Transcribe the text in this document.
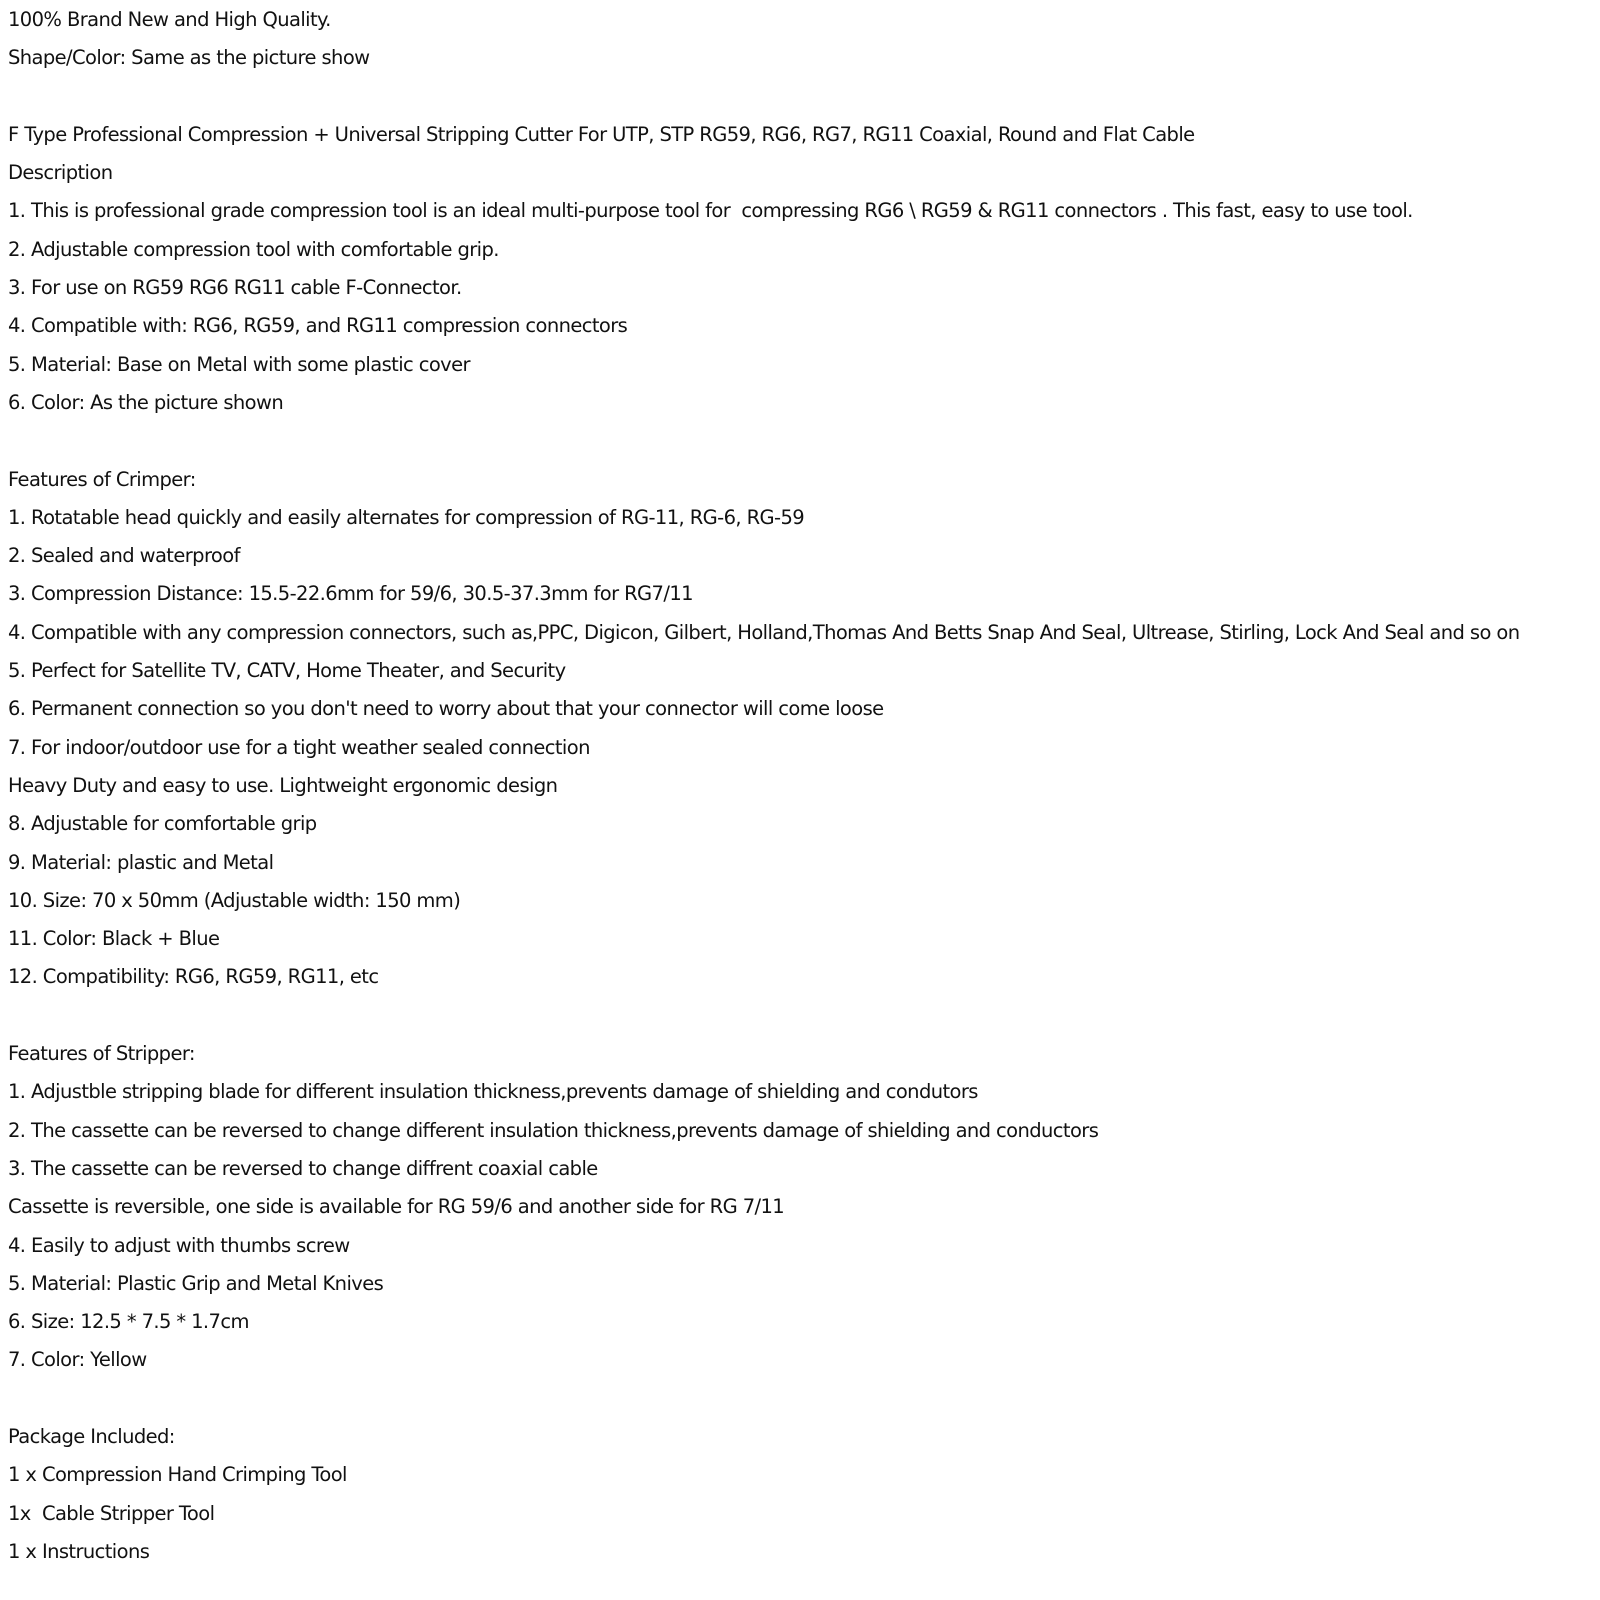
100% Brand New and High Quality.
Shape/Color: Same as the picture show
F Type Professional Compression + Universal Stripping Cutter For UTP, STP RG59, RG6, RG7, RG11 Coaxial, Round and Flat Cable
Description
1. This is professional grade compression tool is an ideal multi-purpose tool for  compressing RG6 \ RG59 & RG11 connectors . This fast, easy to use tool.
2. Adjustable compression tool with comfortable grip.
3. For use on RG59 RG6 RG11 cable F-Connector.
4. Compatible with: RG6, RG59, and RG11 compression connectors
5. Material: Base on Metal with some plastic cover
6. Color: As the picture shown
Features of Crimper:
1. Rotatable head quickly and easily alternates for compression of RG-11, RG-6, RG-59
2. Sealed and waterproof
3. Compression Distance: 15.5-22.6mm for 59/6, 30.5-37.3mm for RG7/11
4. Compatible with any compression connectors, such as,PPC, Digicon, Gilbert, Holland,Thomas And Betts Snap And Seal, Ultrease, Stirling, Lock And Seal and so on
5. Perfect for Satellite TV, CATV, Home Theater, and Security
6. Permanent connection so you don't need to worry about that your connector will come loose
7. For indoor/outdoor use for a tight weather sealed connection
Heavy Duty and easy to use. Lightweight ergonomic design
8. Adjustable for comfortable grip
9. Material: plastic and Metal
10. Size: 70 x 50mm (Adjustable width: 150 mm)
11. Color: Black + Blue
12. Compatibility: RG6, RG59, RG11, etc
Features of Stripper:
1. Adjustble stripping blade for different insulation thickness,prevents damage of shielding and condutors
2. The cassette can be reversed to change different insulation thickness,prevents damage of shielding and conductors
3. The cassette can be reversed to change diffrent coaxial cable
Cassette is reversible, one side is available for RG 59/6 and another side for RG 7/11
4. Easily to adjust with thumbs screw
5. Material: Plastic Grip and Metal Knives
6. Size: 12.5 * 7.5 * 1.7cm
7. Color: Yellow
Package Included:
1 x Compression Hand Crimping Tool
1x  Cable Stripper Tool
1 x Instructions
